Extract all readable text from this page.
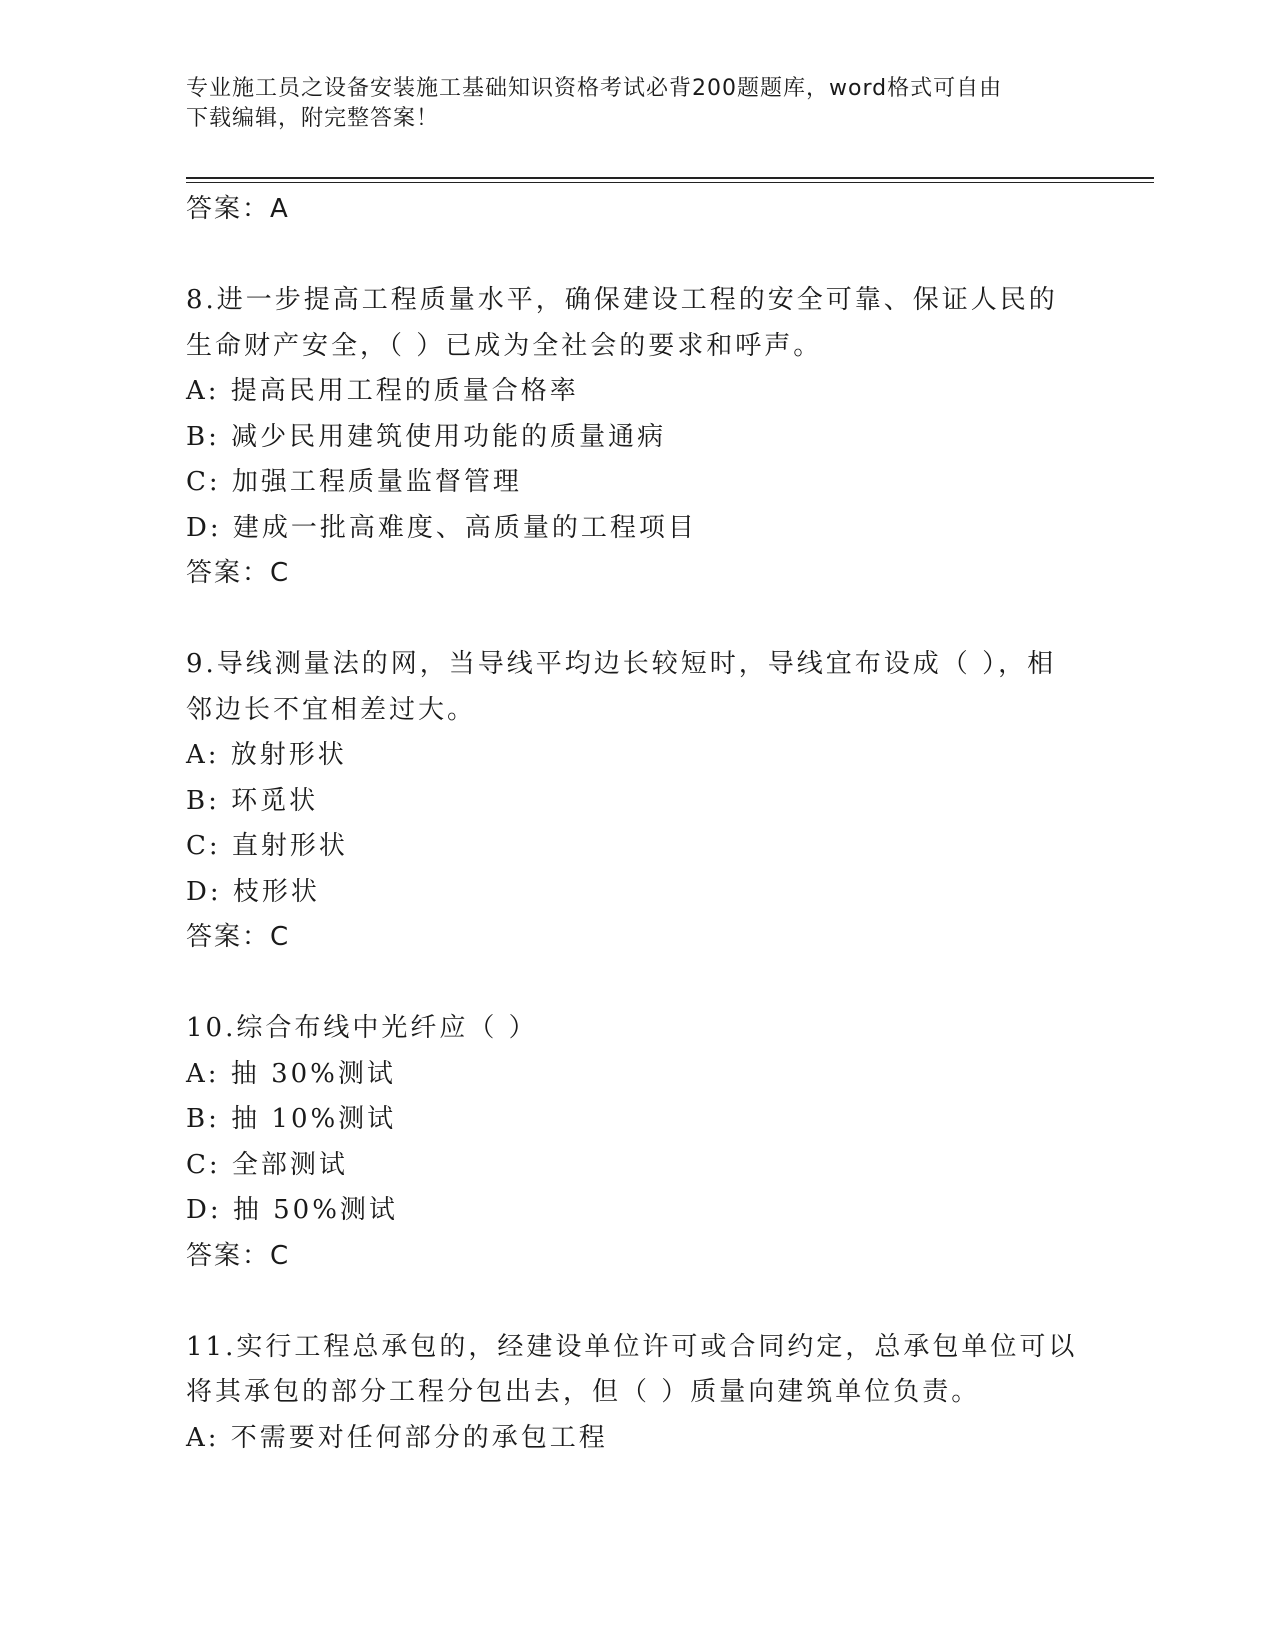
专业施工员之设备安装施工基础知识资格考试必背200题题库，word格式可自由
下载编辑，附完整答案！
答案：A
8.进一步提高工程质量水平，确保建设工程的安全可靠、保证人民的
生命财产安全，（ ）已成为全社会的要求和呼声。
A: 提高民用工程的质量合格率
B: 减少民用建筑使用功能的质量通病
C: 加强工程质量监督管理
D: 建成一批高难度、高质量的工程项目
答案：C
9.导线测量法的网，当导线平均边长较短时，导线宜布设成（ ），相
邻边长不宜相差过大。
A: 放射形状
B: 环觅状
C: 直射形状
D: 枝形状
答案：C
10.综合布线中光纤应（ ）
A: 抽 30%测试
B: 抽 10%测试
C: 全部测试
D: 抽 50%测试
答案：C
11.实行工程总承包的，经建设单位许可或合同约定，总承包单位可以
将其承包的部分工程分包出去，但（ ）质量向建筑单位负责。
A: 不需要对任何部分的承包工程
